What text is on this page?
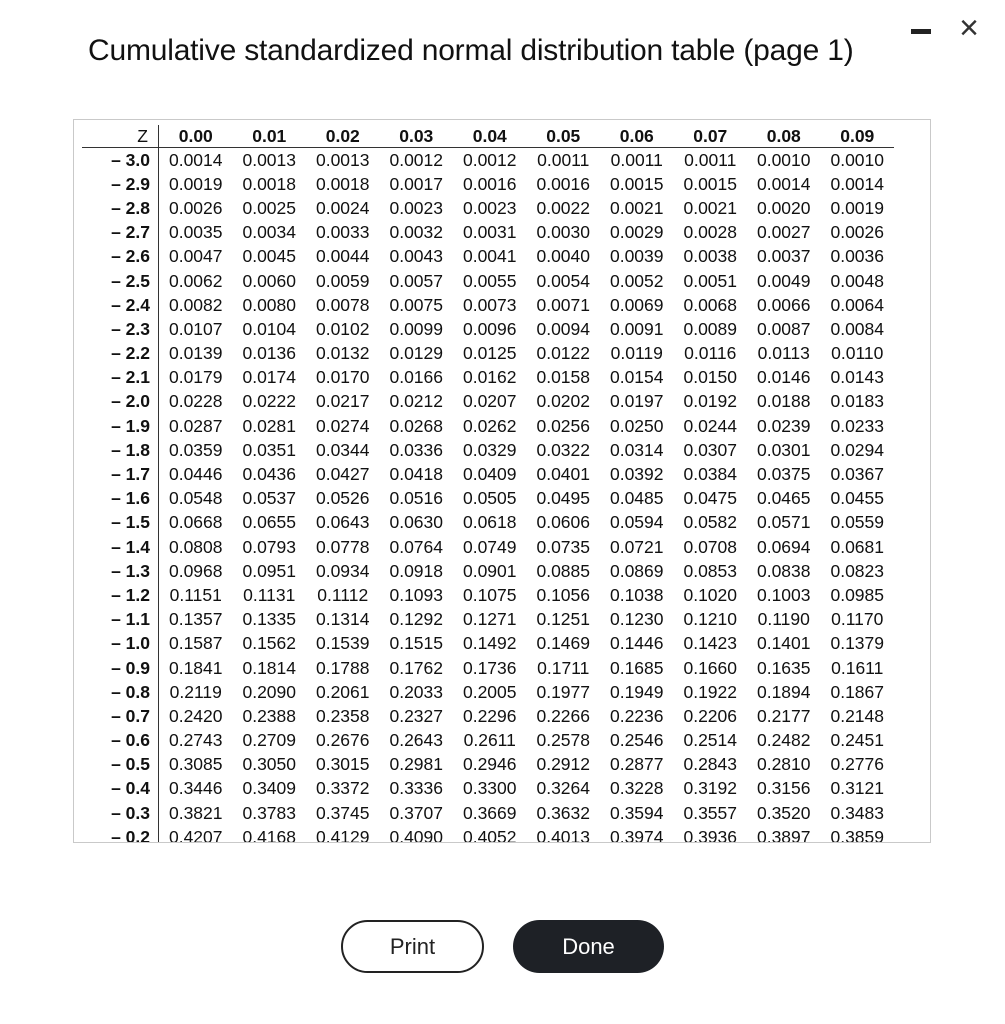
Cumulative standardized normal distribution table (page 1)
×
Z	0.00	0.01	0.02	0.03	0.04	0.05	0.06	0.07	0.08	0.09
– 3.0	0.0014	0.0013	0.0013	0.0012	0.0012	0.0011	0.0011	0.0011	0.0010	0.0010
– 2.9	0.0019	0.0018	0.0018	0.0017	0.0016	0.0016	0.0015	0.0015	0.0014	0.0014
– 2.8	0.0026	0.0025	0.0024	0.0023	0.0023	0.0022	0.0021	0.0021	0.0020	0.0019
– 2.7	0.0035	0.0034	0.0033	0.0032	0.0031	0.0030	0.0029	0.0028	0.0027	0.0026
– 2.6	0.0047	0.0045	0.0044	0.0043	0.0041	0.0040	0.0039	0.0038	0.0037	0.0036
– 2.5	0.0062	0.0060	0.0059	0.0057	0.0055	0.0054	0.0052	0.0051	0.0049	0.0048
– 2.4	0.0082	0.0080	0.0078	0.0075	0.0073	0.0071	0.0069	0.0068	0.0066	0.0064
– 2.3	0.0107	0.0104	0.0102	0.0099	0.0096	0.0094	0.0091	0.0089	0.0087	0.0084
– 2.2	0.0139	0.0136	0.0132	0.0129	0.0125	0.0122	0.0119	0.0116	0.0113	0.0110
– 2.1	0.0179	0.0174	0.0170	0.0166	0.0162	0.0158	0.0154	0.0150	0.0146	0.0143
– 2.0	0.0228	0.0222	0.0217	0.0212	0.0207	0.0202	0.0197	0.0192	0.0188	0.0183
– 1.9	0.0287	0.0281	0.0274	0.0268	0.0262	0.0256	0.0250	0.0244	0.0239	0.0233
– 1.8	0.0359	0.0351	0.0344	0.0336	0.0329	0.0322	0.0314	0.0307	0.0301	0.0294
– 1.7	0.0446	0.0436	0.0427	0.0418	0.0409	0.0401	0.0392	0.0384	0.0375	0.0367
– 1.6	0.0548	0.0537	0.0526	0.0516	0.0505	0.0495	0.0485	0.0475	0.0465	0.0455
– 1.5	0.0668	0.0655	0.0643	0.0630	0.0618	0.0606	0.0594	0.0582	0.0571	0.0559
– 1.4	0.0808	0.0793	0.0778	0.0764	0.0749	0.0735	0.0721	0.0708	0.0694	0.0681
– 1.3	0.0968	0.0951	0.0934	0.0918	0.0901	0.0885	0.0869	0.0853	0.0838	0.0823
– 1.2	0.1151	0.1131	0.1112	0.1093	0.1075	0.1056	0.1038	0.1020	0.1003	0.0985
– 1.1	0.1357	0.1335	0.1314	0.1292	0.1271	0.1251	0.1230	0.1210	0.1190	0.1170
– 1.0	0.1587	0.1562	0.1539	0.1515	0.1492	0.1469	0.1446	0.1423	0.1401	0.1379
– 0.9	0.1841	0.1814	0.1788	0.1762	0.1736	0.1711	0.1685	0.1660	0.1635	0.1611
– 0.8	0.2119	0.2090	0.2061	0.2033	0.2005	0.1977	0.1949	0.1922	0.1894	0.1867
– 0.7	0.2420	0.2388	0.2358	0.2327	0.2296	0.2266	0.2236	0.2206	0.2177	0.2148
– 0.6	0.2743	0.2709	0.2676	0.2643	0.2611	0.2578	0.2546	0.2514	0.2482	0.2451
– 0.5	0.3085	0.3050	0.3015	0.2981	0.2946	0.2912	0.2877	0.2843	0.2810	0.2776
– 0.4	0.3446	0.3409	0.3372	0.3336	0.3300	0.3264	0.3228	0.3192	0.3156	0.3121
– 0.3	0.3821	0.3783	0.3745	0.3707	0.3669	0.3632	0.3594	0.3557	0.3520	0.3483
– 0.2	0.4207	0.4168	0.4129	0.4090	0.4052	0.4013	0.3974	0.3936	0.3897	0.3859
Print	Done
